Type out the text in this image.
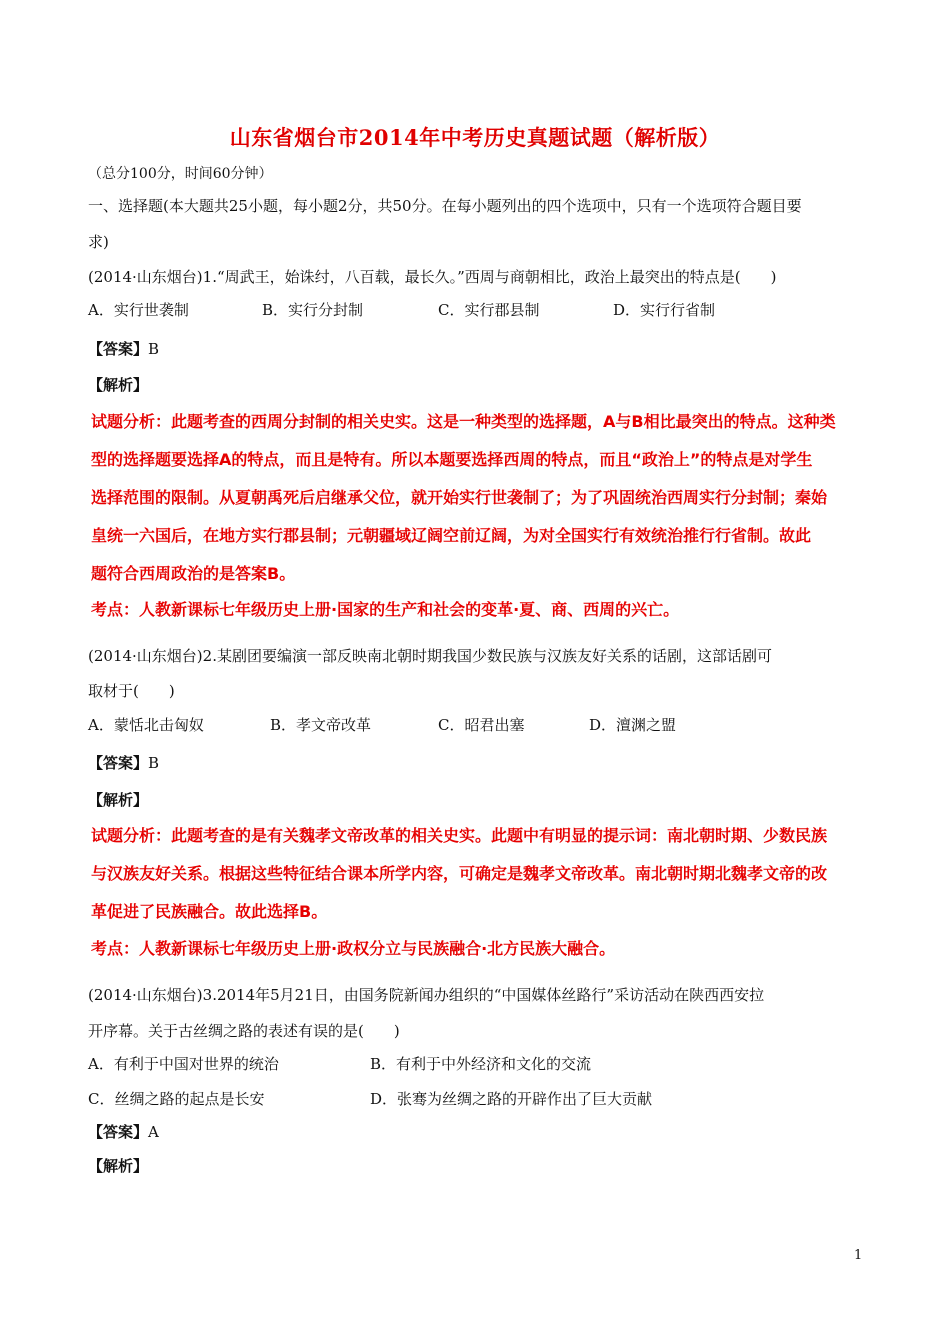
山东省烟台市2014年中考历史真题试题（解析版）
（总分100分，时间60分钟）
一、选择题(本大题共25小题，每小题2分，共50分。在每小题列出的四个选项中，只有一个选项符合题目要
求)
(2014·山东烟台)1.“周武王，始诛纣，八百载，最长久。”西周与商朝相比，政治上最突出的特点是(　　)
A．实行世袭制	B．实行分封制	C．实行郡县制	D．实行行省制
【答案】B
【解析】
试题分析：此题考查的西周分封制的相关史实。这是一种类型的选择题，A与B相比最突出的特点。这种类
型的选择题要选择A的特点，而且是特有。所以本题要选择西周的特点，而且“政治上”的特点是对学生
选择范围的限制。从夏朝禹死后启继承父位，就开始实行世袭制了；为了巩固统治西周实行分封制；秦始
皇统一六国后，在地方实行郡县制；元朝疆域辽阔空前辽阔，为对全国实行有效统治推行行省制。故此
题符合西周政治的是答案B。
考点：人教新课标七年级历史上册·国家的生产和社会的变革·夏、商、西周的兴亡。
(2014·山东烟台)2.某剧团要编演一部反映南北朝时期我国少数民族与汉族友好关系的话剧，这部话剧可
取材于(　　)
A．蒙恬北击匈奴	B．孝文帝改革	C．昭君出塞	D．澶渊之盟
【答案】B
【解析】
试题分析：此题考查的是有关魏孝文帝改革的相关史实。此题中有明显的提示词：南北朝时期、少数民族
与汉族友好关系。根据这些特征结合课本所学内容，可确定是魏孝文帝改革。南北朝时期北魏孝文帝的改
革促进了民族融合。故此选择B。
考点：人教新课标七年级历史上册·政权分立与民族融合·北方民族大融合。
(2014·山东烟台)3.2014年5月21日，由国务院新闻办组织的“中国媒体丝路行”采访活动在陕西西安拉
开序幕。关于古丝绸之路的表述有误的是(　　)
A．有利于中国对世界的统治	B．有利于中外经济和文化的交流
C．丝绸之路的起点是长安	D．张骞为丝绸之路的开辟作出了巨大贡献
【答案】A
【解析】
1
